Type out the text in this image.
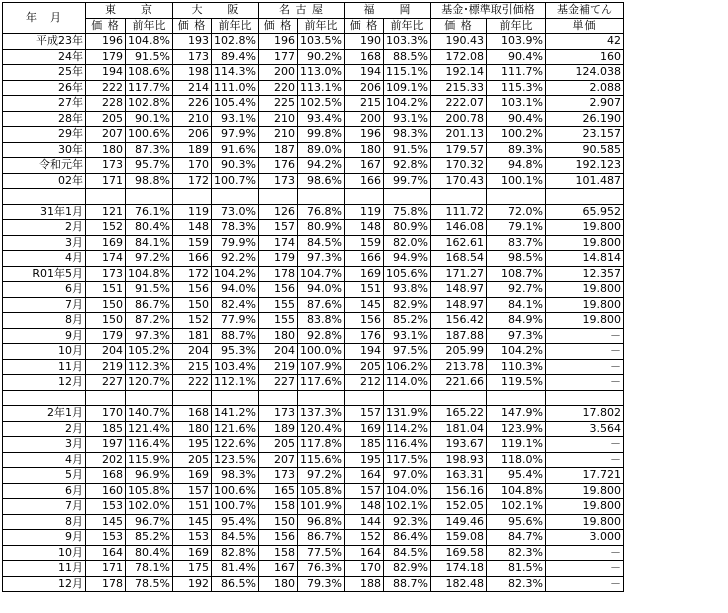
年　月	東　　京		大　　阪		名 古 屋		福　　岡		基金･標準取引価格		基金補てん
	価 格	前年比	価 格	前年比	価 格	前年比	価 格	前年比	価 格	前年比	単価
平成23年	196	104.8%	193	102.8%	196	103.5%	190	103.3%	190.43	103.9%	42
24年	179	91.5%	173	89.4%	177	90.2%	168	88.5%	172.08	90.4%	160
25年	194	108.6%	198	114.3%	200	113.0%	194	115.1%	192.14	111.7%	124.038
26年	222	117.7%	214	111.0%	220	113.1%	206	109.1%	215.33	115.3%	2.088
27年	228	102.8%	226	105.4%	225	102.5%	215	104.2%	222.07	103.1%	2.907
28年	205	90.1%	210	93.1%	210	93.4%	200	93.1%	200.78	90.4%	26.190
29年	207	100.6%	206	97.9%	210	99.8%	196	98.3%	201.13	100.2%	23.157
30年	180	87.3%	189	91.6%	187	89.0%	180	91.5%	179.57	89.3%	90.585
令和元年	173	95.7%	170	90.3%	176	94.2%	167	92.8%	170.32	94.8%	192.123
02年	171	98.8%	172	100.7%	173	98.6%	166	99.7%	170.43	100.1%	101.487

31年1月	121	76.1%	119	73.0%	126	76.8%	119	75.8%	111.72	72.0%	65.952
2月	152	80.4%	148	78.3%	157	80.9%	148	80.9%	146.08	79.1%	19.800
3月	169	84.1%	159	79.9%	174	84.5%	159	82.0%	162.61	83.7%	19.800
4月	174	97.2%	166	92.2%	179	97.3%	166	94.9%	168.54	98.5%	14.814
R01年5月	173	104.8%	172	104.2%	178	104.7%	169	105.6%	171.27	108.7%	12.357
6月	151	91.5%	156	94.0%	156	94.0%	151	93.8%	148.97	92.7%	19.800
7月	150	86.7%	150	82.4%	155	87.6%	145	82.9%	148.97	84.1%	19.800
8月	150	87.2%	152	77.9%	155	83.8%	156	85.2%	156.42	84.9%	19.800
9月	179	97.3%	181	88.7%	180	92.8%	176	93.1%	187.88	97.3%	－
10月	204	105.2%	204	95.3%	204	100.0%	194	97.5%	205.99	104.2%	－
11月	219	112.3%	215	103.4%	219	107.9%	205	106.2%	213.78	110.3%	－
12月	227	120.7%	222	112.1%	227	117.6%	212	114.0%	221.66	119.5%	－

2年1月	170	140.7%	168	141.2%	173	137.3%	157	131.9%	165.22	147.9%	17.802
2月	185	121.4%	180	121.6%	189	120.4%	169	114.2%	181.04	123.9%	3.564
3月	197	116.4%	195	122.6%	205	117.8%	185	116.4%	193.67	119.1%	－
4月	202	115.9%	205	123.5%	207	115.6%	195	117.5%	198.93	118.0%	－
5月	168	96.9%	169	98.3%	173	97.2%	164	97.0%	163.31	95.4%	17.721
6月	160	105.8%	157	100.6%	165	105.8%	157	104.0%	156.16	104.8%	19.800
7月	153	102.0%	151	100.7%	158	101.9%	148	102.1%	152.05	102.1%	19.800
8月	145	96.7%	145	95.4%	150	96.8%	144	92.3%	149.46	95.6%	19.800
9月	153	85.2%	153	84.5%	156	86.7%	152	86.4%	159.08	84.7%	3.000
10月	164	80.4%	169	82.8%	158	77.5%	164	84.5%	169.58	82.3%	－
11月	171	78.1%	175	81.4%	167	76.3%	170	82.9%	174.18	81.5%	－
12月	178	78.5%	192	86.5%	180	79.3%	188	88.7%	182.48	82.3%	－
